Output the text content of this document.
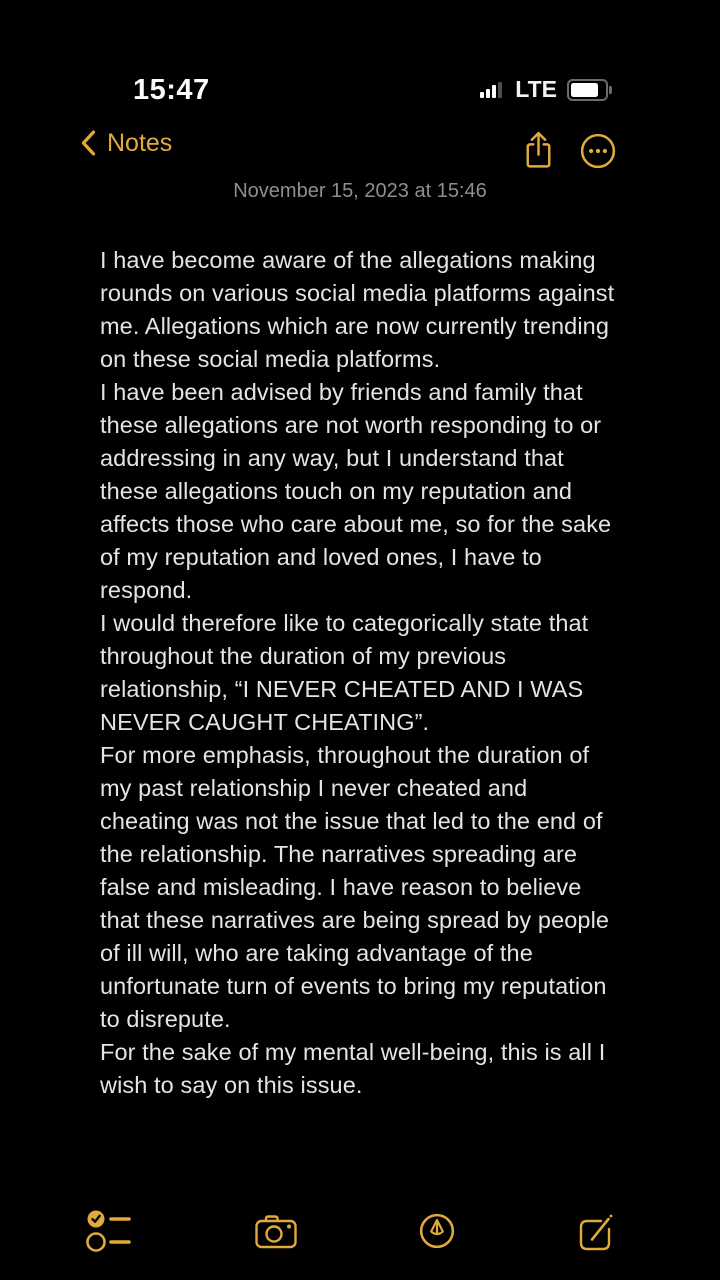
15:47	LTE
Notes
November 15, 2023 at 15:46

I have become aware of the allegations making rounds on various social media platforms against me. Allegations which are now currently trending on these social media platforms.

I have been advised by friends and family that these allegations are not worth responding to or addressing in any way, but I understand that these allegations touch on my reputation and affects those who care about me, so for the sake of my reputation and loved ones, I have to respond.

I would therefore like to categorically state that throughout the duration of my previous relationship, “I NEVER CHEATED AND I WAS NEVER CAUGHT CHEATING”.

For more emphasis, throughout the duration of my past relationship I never cheated and cheating was not the issue that led to the end of the relationship. The narratives spreading are false and misleading. I have reason to believe that these narratives are being spread by people of ill will, who are taking advantage of the unfortunate turn of events to bring my reputation to disrepute.

For the sake of my mental well-being, this is all I wish to say on this issue.
